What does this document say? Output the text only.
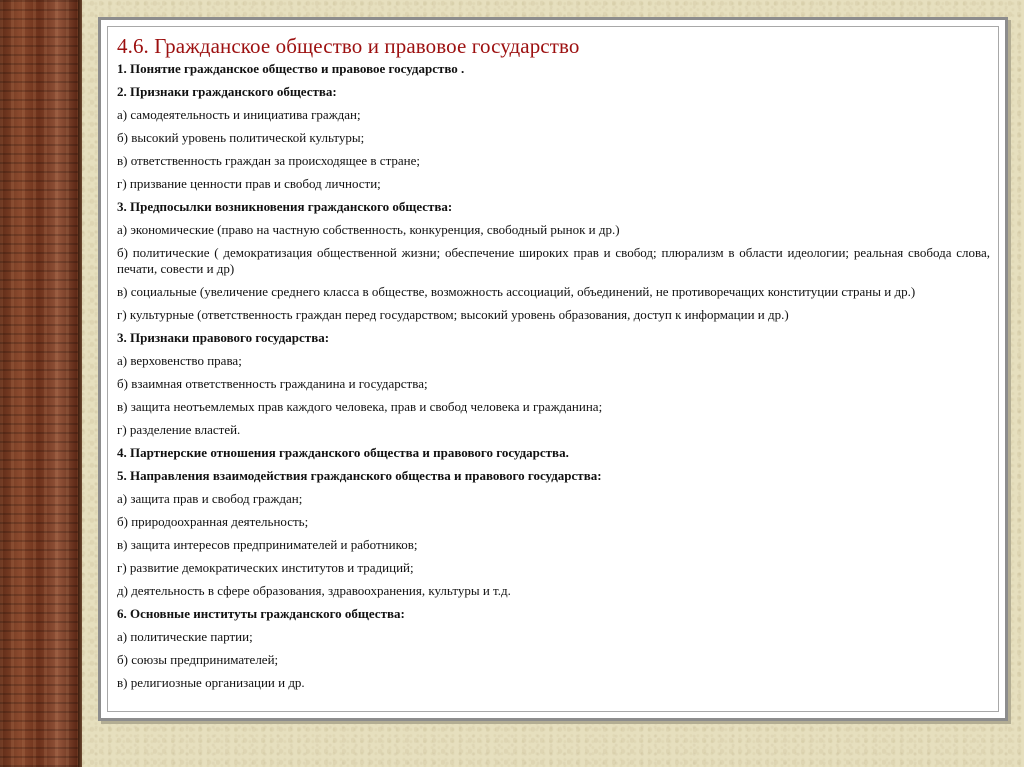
4.6. Гражданское общество и правовое государство
1. Понятие гражданское общество и правовое государство .
2. Признаки гражданского общества:
а) самодеятельность и инициатива граждан;
б) высокий уровень политической культуры;
в) ответственность граждан за происходящее в стране;
г) призвание ценности прав и свобод личности;
3. Предпосылки возникновения гражданского общества:
а) экономические (право на частную собственность, конкуренция, свободный рынок и др.)
б) политические ( демократизация общественной жизни; обеспечение широких прав и свобод; плюрализм в области идеологии; реальная свобода слова, печати, совести и др)
в) социальные (увеличение среднего класса в обществе, возможность ассоциаций, объединений, не противоречащих конституции страны и др.)
г) культурные (ответственность граждан перед государством; высокий уровень образования, доступ к информации и др.)
3. Признаки правового государства:
а) верховенство права;
б) взаимная ответственность гражданина и государства;
в) защита неотъемлемых прав каждого человека, прав и свобод человека и гражданина;
г) разделение властей.
4. Партнерские отношения гражданского общества и правового государства.
5. Направления взаимодействия гражданского общества и правового государства:
а) защита прав и свобод граждан;
б) природоохранная деятельность;
в) защита интересов предпринимателей и работников;
г) развитие демократических институтов и традиций;
д) деятельность в сфере образования, здравоохранения, культуры и т.д.
6. Основные институты гражданского общества:
а) политические партии;
б) союзы предпринимателей;
в) религиозные организации и др.
